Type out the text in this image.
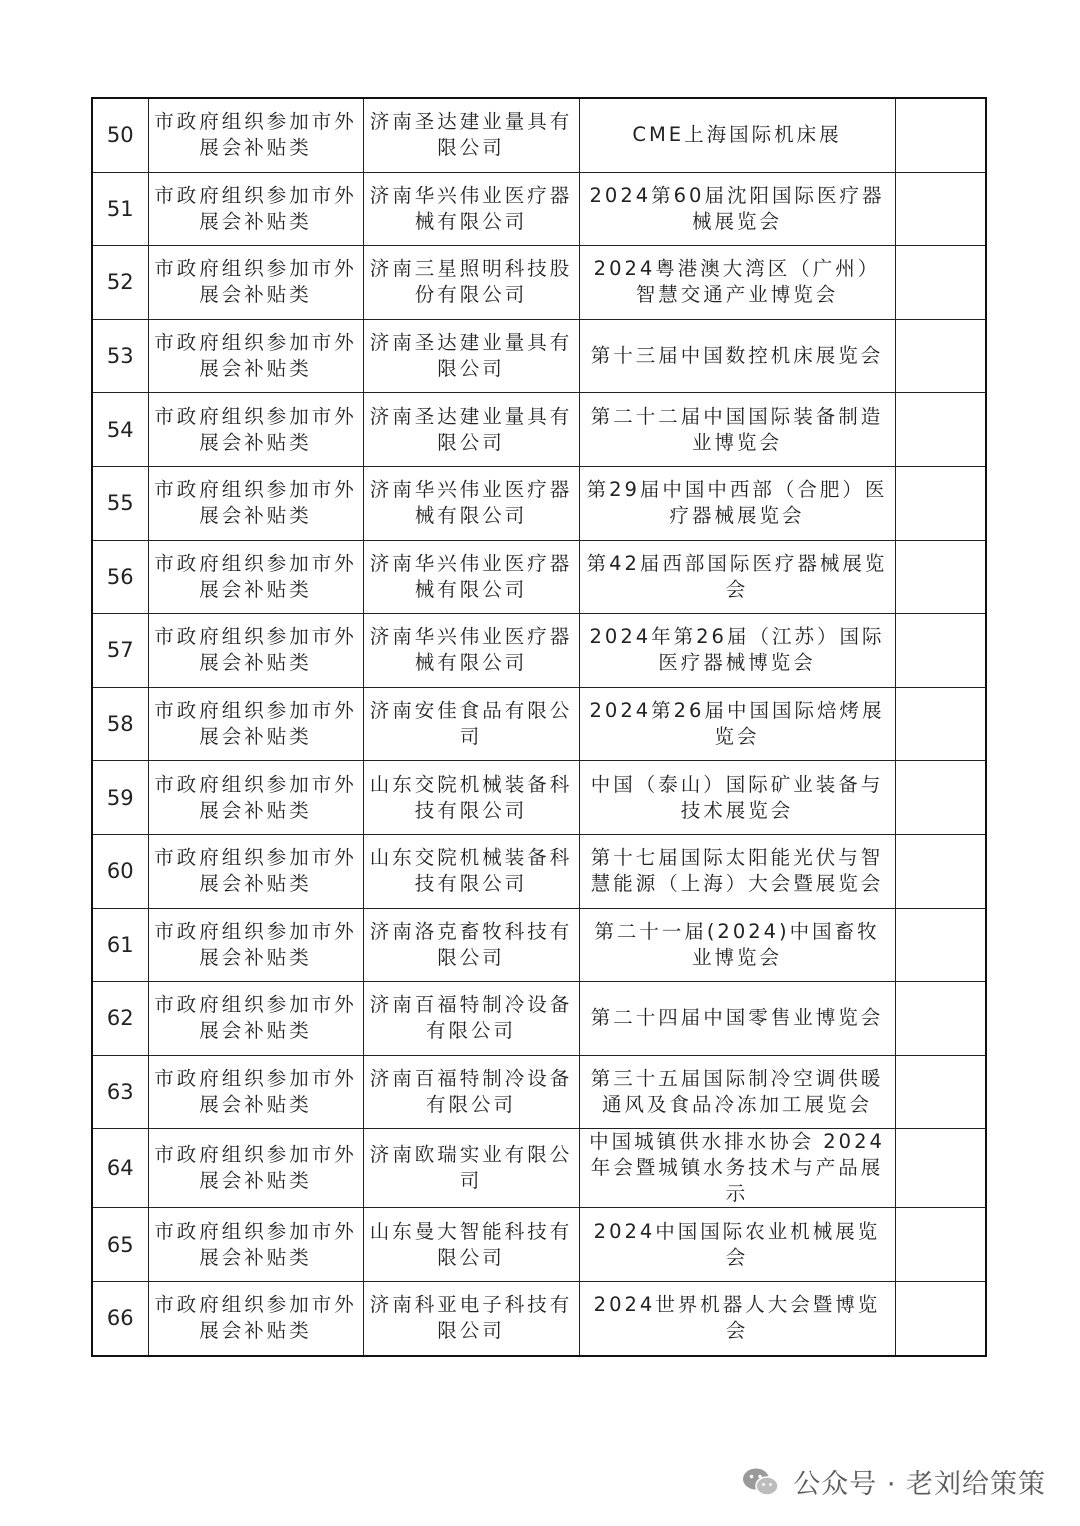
50	市政府组织参加市外展会补贴类	济南圣达建业量具有限公司	CME上海国际机床展	
51	市政府组织参加市外展会补贴类	济南华兴伟业医疗器械有限公司	2024第60届沈阳国际医疗器械展览会	
52	市政府组织参加市外展会补贴类	济南三星照明科技股份有限公司	2024粤港澳大湾区（广州） 智慧交通产业博览会	
53	市政府组织参加市外展会补贴类	济南圣达建业量具有限公司	第十三届中国数控机床展览会	
54	市政府组织参加市外展会补贴类	济南圣达建业量具有限公司	第二十二届中国国际装备制造业博览会	
55	市政府组织参加市外展会补贴类	济南华兴伟业医疗器械有限公司	第29届中国中西部（合肥）医疗器械展览会	
56	市政府组织参加市外展会补贴类	济南华兴伟业医疗器械有限公司	第42届西部国际医疗器械展览会	
57	市政府组织参加市外展会补贴类	济南华兴伟业医疗器械有限公司	2024年第26届（江苏）国际医疗器械博览会	
58	市政府组织参加市外展会补贴类	济南安佳食品有限公司	2024第26届中国国际焙烤展览会	
59	市政府组织参加市外展会补贴类	山东交院机械装备科技有限公司	中国（泰山）国际矿业装备与技术展览会	
60	市政府组织参加市外展会补贴类	山东交院机械装备科技有限公司	第十七届国际太阳能光伏与智慧能源（上海）大会暨展览会	
61	市政府组织参加市外展会补贴类	济南洛克畜牧科技有限公司	第二十一届(2024)中国畜牧业博览会	
62	市政府组织参加市外展会补贴类	济南百福特制冷设备有限公司	第二十四届中国零售业博览会	
63	市政府组织参加市外展会补贴类	济南百福特制冷设备有限公司	第三十五届国际制冷空调供暖通风及食品冷冻加工展览会	
64	市政府组织参加市外展会补贴类	济南欧瑞实业有限公司	中国城镇供水排水协会 2024 年会暨城镇水务技术与产品展示	
65	市政府组织参加市外展会补贴类	山东曼大智能科技有限公司	2024中国国际农业机械展览会	
66	市政府组织参加市外展会补贴类	济南科亚电子科技有限公司	2024世界机器人大会暨博览会	
公众号 · 老刘给策策
